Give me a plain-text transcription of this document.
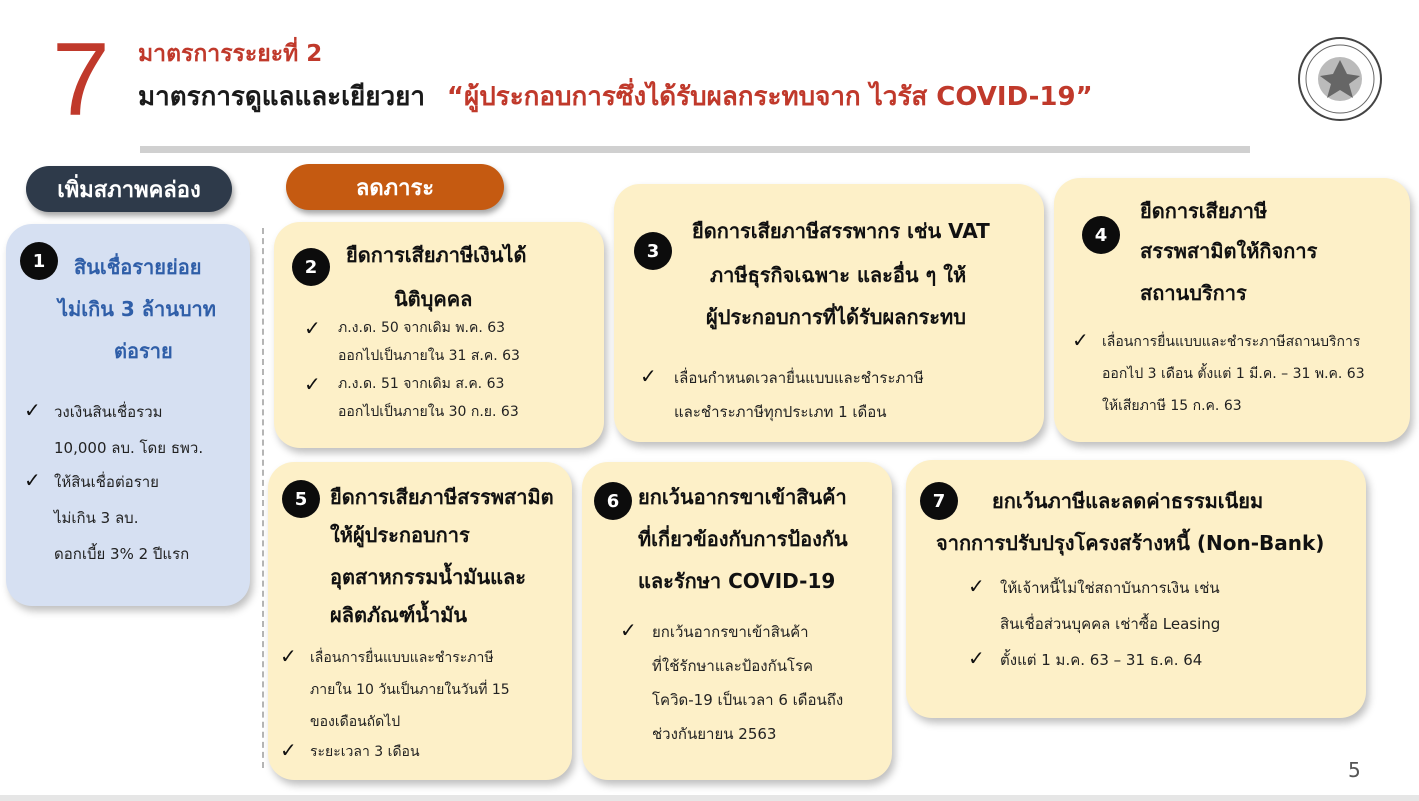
7 มาตรการระยะที่ 2
มาตรการดูแลและเยียวยา “ผู้ประกอบการซึ่งได้รับผลกระทบจาก ไวรัส COVID-19”
เพิ่มสภาพคล่อง	ลดภาระ
1	สินเชื่อรายย่อย
ไม่เกิน 3 ล้านบาท
ต่อราย
✓ วงเงินสินเชื่อรวม
10,000 ลบ. โดย ธพว.
✓ ให้สินเชื่อต่อราย
ไม่เกิน 3 ลบ.
ดอกเบี้ย 3% 2 ปีแรก
2	ยืดการเสียภาษีเงินได้
นิติบุคคล
✓ ภ.ง.ด. 50 จากเดิม พ.ค. 63
ออกไปเป็นภายใน 31 ส.ค. 63
✓ ภ.ง.ด. 51 จากเดิม ส.ค. 63
ออกไปเป็นภายใน 30 ก.ย. 63
3
ยืดการเสียภาษีสรรพากร เช่น VAT
ภาษีธุรกิจเฉพาะ และอื่น ๆ ให้
ผู้ประกอบการที่ได้รับผลกระทบ
✓ เลื่อนกำหนดเวลายื่นแบบและชำระภาษี
และชำระภาษีทุกประเภท 1 เดือน
4
ยืดการเสียภาษี
สรรพสามิตให้กิจการ
สถานบริการ
✓ เลื่อนการยื่นแบบและชำระภาษีสถานบริการ
ออกไป 3 เดือน ตั้งแต่ 1 มี.ค. – 31 พ.ค. 63
ให้เสียภาษี 15 ก.ค. 63
5	ยืดการเสียภาษีสรรพสามิต
ให้ผู้ประกอบการ
อุตสาหกรรมน้ำมันและ
ผลิตภัณฑ์น้ำมัน
✓ เลื่อนการยื่นแบบและชำระภาษี
ภายใน 10 วันเป็นภายในวันที่ 15
ของเดือนถัดไป
✓ ระยะเวลา 3 เดือน
6 ยกเว้นอากรขาเข้าสินค้า
ที่เกี่ยวข้องกับการป้องกัน
และรักษา COVID-19
✓ ยกเว้นอากรขาเข้าสินค้า
ที่ใช้รักษาและป้องกันโรค
โควิด-19 เป็นเวลา 6 เดือนถึง
ช่วงกันยายน 2563
7	ยกเว้นภาษีและลดค่าธรรมเนียม
จากการปรับปรุงโครงสร้างหนี้ (Non-Bank)
✓ ให้เจ้าหนี้ไม่ใช่สถาบันการเงิน เช่น
สินเชื่อส่วนบุคคล เช่าซื้อ Leasing
✓ ตั้งแต่ 1 ม.ค. 63 – 31 ธ.ค. 64
5
